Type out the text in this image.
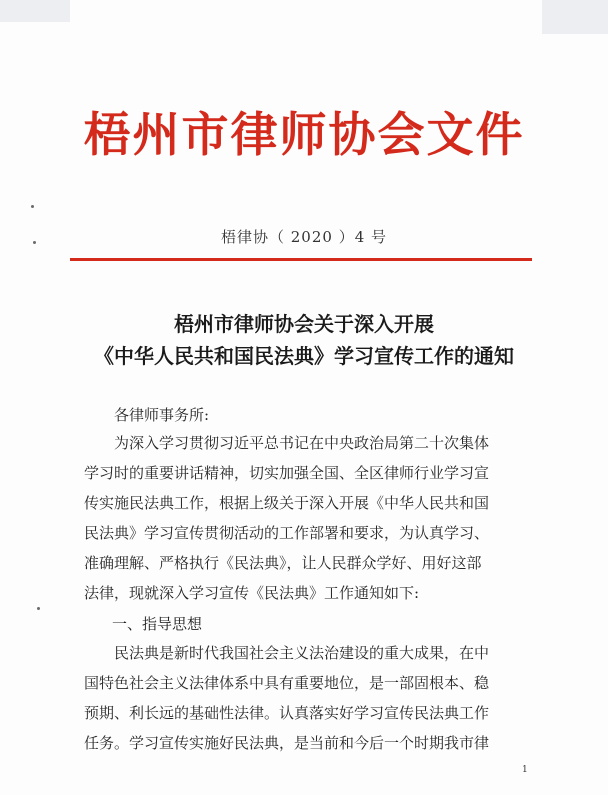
梧州市律师协会文件
梧律协（ 2020 ）4 号
梧州市律师协会关于深入开展
《中华人民共和国民法典》学习宣传工作的通知
各律师事务所:
为深入学习贯彻习近平总书记在中央政治局第二十次集体
学习时的重要讲话精神，切实加强全国、全区律师行业学习宣
传实施民法典工作，根据上级关于深入开展《中华人民共和国
民法典》学习宣传贯彻活动的工作部署和要求，为认真学习、
准确理解、严格执行《民法典》，让人民群众学好、用好这部
法律，现就深入学习宣传《民法典》工作通知如下:
一、指导思想
民法典是新时代我国社会主义法治建设的重大成果，在中
国特色社会主义法律体系中具有重要地位，是一部固根本、稳
预期、利长远的基础性法律。认真落实好学习宣传民法典工作
任务。学习宣传实施好民法典，是当前和今后一个时期我市律
1
